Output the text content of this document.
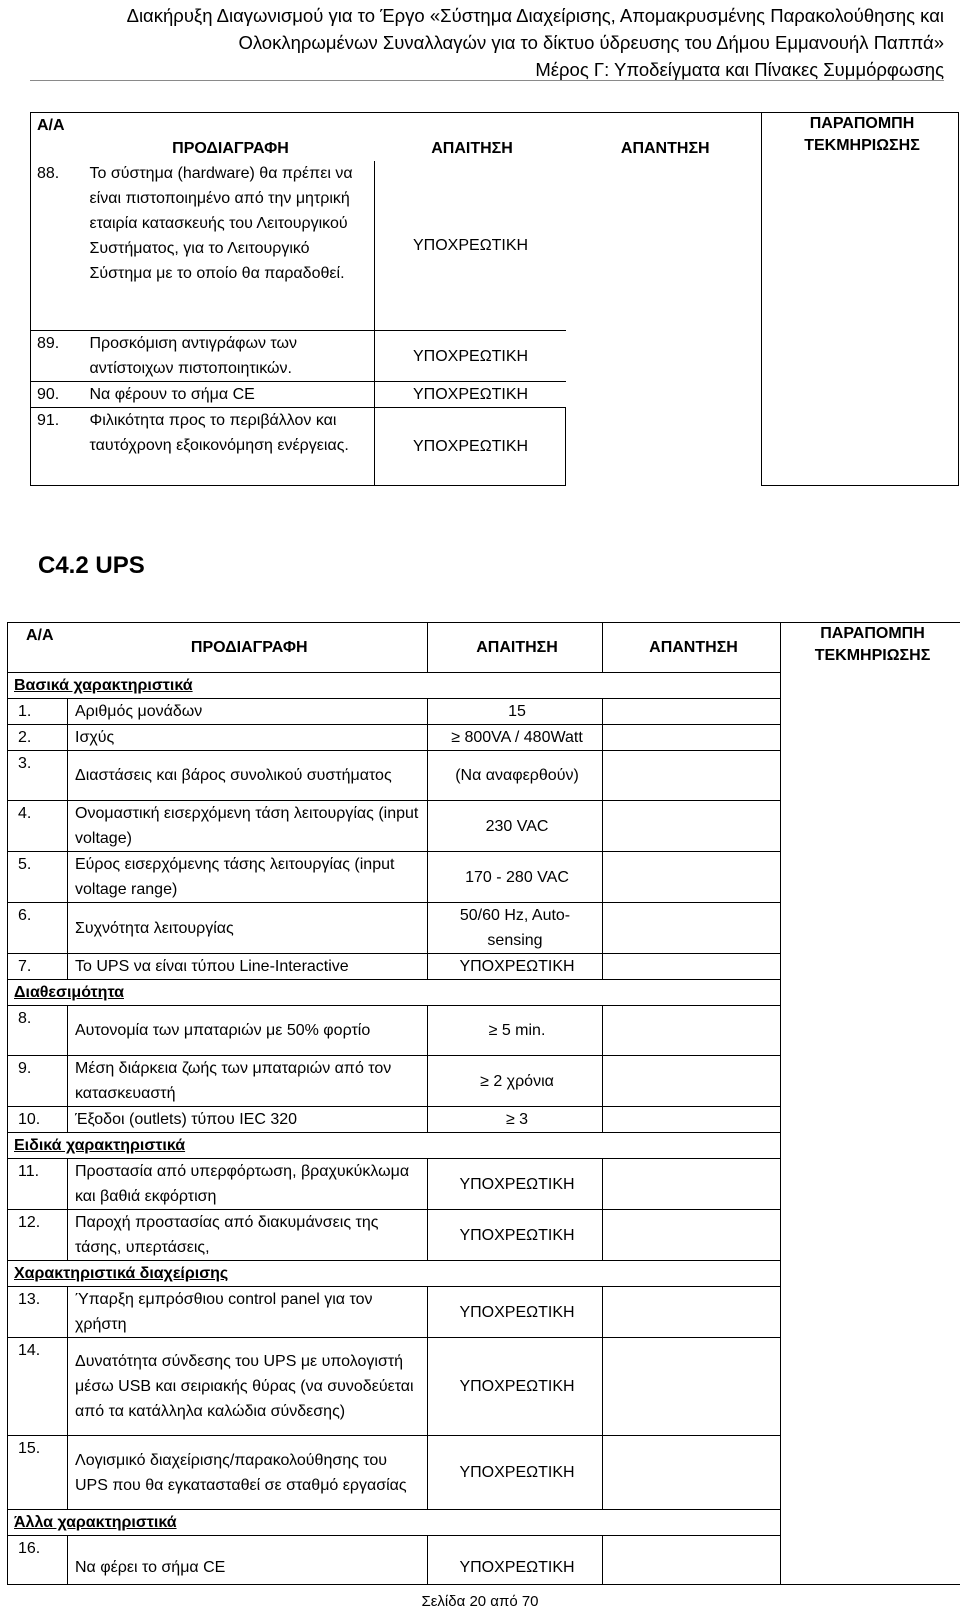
Διακήρυξη Διαγωνισμού για το Έργο «Σύστημα Διαχείρισης, Απομακρυσμένης Παρακολούθησης και
Ολοκληρωμένων Συναλλαγών για το δίκτυο ύδρευσης του Δήμου Εμμανουήλ Παππά»
Μέρος Γ: Υποδείγματα και Πίνακες Συμμόρφωσης
Α/Α	ΠΡΟΔΙΑΓΡΑΦΗ	ΑΠΑΙΤΗΣΗ	ΑΠΑΝΤΗΣΗ	ΠΑΡΑΠΟΜΠΗ ΤΕΚΜΗΡΙΩΣΗΣ
88.	Το σύστημα (hardware) θα πρέπει να είναι πιστοποιημένο από την μητρική εταιρία κατασκευής του Λειτουργικού Συστήματος, για το Λειτουργικό Σύστημα με το οποίο θα παραδοθεί.	ΥΠΟΧΡΕΩΤΙΚΗ		
89.	Προσκόμιση αντιγράφων των αντίστοιχων πιστοποιητικών.	ΥΠΟΧΡΕΩΤΙΚΗ		
90.	Να φέρουν το σήμα CE	ΥΠΟΧΡΕΩΤΙΚΗ		
91.	Φιλικότητα προς το περιβάλλον και ταυτόχρονη εξοικονόμηση ενέργειας.	ΥΠΟΧΡΕΩΤΙΚΗ		
C4.2 UPS
Α/Α	ΠΡΟΔΙΑΓΡΑΦΗ	ΑΠΑΙΤΗΣΗ	ΑΠΑΝΤΗΣΗ	ΠΑΡΑΠΟΜΠΗ ΤΕΚΜΗΡΙΩΣΗΣ
Βασικά χαρακτηριστικά				
1.	Αριθμός μονάδων	15		
2.	Ισχύς	≥ 800VA / 480Watt		
3.	Διαστάσεις και βάρος συνολικού συστήματος	(Να αναφερθούν)		
4.	Ονομαστική εισερχόμενη τάση λειτουργίας (input voltage)	230 VAC		
5.	Εύρος εισερχόμενης τάσης λειτουργίας (input voltage range)	170 - 280 VAC		
6.	Συχνότητα λειτουργίας	50/60 Hz, Auto-sensing		
7.	Το UPS να είναι τύπου Line-Interactive	ΥΠΟΧΡΕΩΤΙΚΗ		
Διαθεσιμότητα				
8.	Αυτονομία των μπαταριών με 50% φορτίο	≥ 5 min.		
9.	Μέση διάρκεια ζωής των μπαταριών από τον κατασκευαστή	≥ 2 χρόνια		
10.	Έξοδοι (outlets) τύπου IEC 320	≥ 3		
Ειδικά χαρακτηριστικά				
11.	Προστασία από υπερφόρτωση, βραχυκύκλωμα και βαθιά εκφόρτιση	ΥΠΟΧΡΕΩΤΙΚΗ		
12.	Παροχή προστασίας από διακυμάνσεις της τάσης, υπερτάσεις,	ΥΠΟΧΡΕΩΤΙΚΗ		
Χαρακτηριστικά διαχείρισης				
13.	Ύπαρξη εμπρόσθιου control panel για τον χρήστη	ΥΠΟΧΡΕΩΤΙΚΗ		
14.	Δυνατότητα σύνδεσης του UPS με υπολογιστή μέσω USB και σειριακής θύρας (να συνοδεύεται από τα κατάλληλα καλώδια σύνδεσης)	ΥΠΟΧΡΕΩΤΙΚΗ		
15.	Λογισμικό διαχείρισης/παρακολούθησης του UPS που θα εγκατασταθεί σε σταθμό εργασίας	ΥΠΟΧΡΕΩΤΙΚΗ		
Άλλα χαρακτηριστικά				
16.	Να φέρει το σήμα CE	ΥΠΟΧΡΕΩΤΙΚΗ		
Σελίδα 20 από 70
